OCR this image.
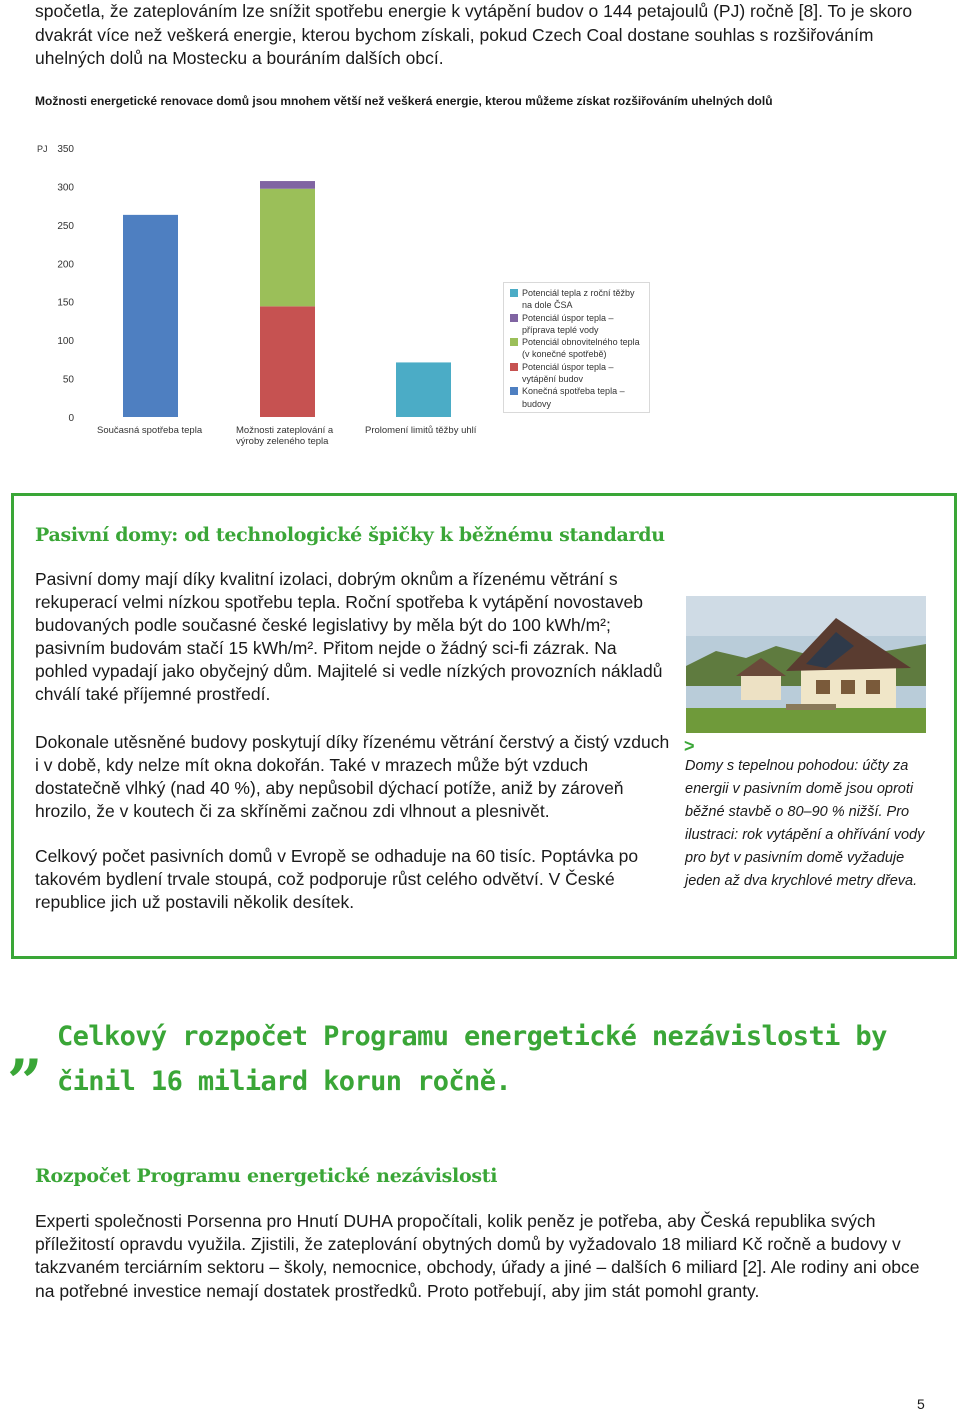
spočetla, že zateplováním lze snížit spotřebu energie k vytápění budov o 144 petajoulů (PJ) ročně [8]. To je skoro dvakrát více než veškerá energie, kterou bychom získali, pokud Czech Coal dostane souhlas s rozšiřováním uhelných dolů na Mostecku a bouráním dalších obcí.

Možnosti energetické renovace domů jsou mnohem větší než veškerá energie, kterou můžeme získat rozšiřováním uhelných dolů
PJ 350
300
250
200
150
100
50
0
Současná spotřeba tepla	Možnosti zateplování a výroby zeleného tepla
Prolomení limitů těžby uhlí
Potenciál tepla z roční těžby na dole ČSA
Potenciál úspor tepla – příprava teplé vody
Potenciál obnovitelného tepla (v konečné spotřebě)
Potenciál úspor tepla – vytápění budov
Konečná spotřeba tepla – budovy
Pasivní domy: od technologické špičky k běžnému standardu

Pasivní domy mají díky kvalitní izolaci, dobrým oknům a řízenému větrání s rekuperací velmi nízkou spotřebu tepla. Roční spotřeba k vytápění novostaveb budovaných podle současné české legislativy by měla být do 100 kWh/m²; pasivním budovám stačí 15 kWh/m². Přitom nejde o žádný sci-fi zázrak. Na pohled vypadají jako obyčejný dům. Majitelé si vedle nízkých provozních nákladů chválí také příjemné prostředí.

Dokonale utěsněné budovy poskytují díky řízenému větrání čerstvý a čistý vzduch i v době, kdy nelze mít okna dokořán. Také v mrazech může být vzduch dostatečně vlhký (nad 40 %), aby nepůsobil dýchací potíže, aniž by zároveň hrozilo, že v koutech či za skříněmi začnou zdi vlhnout a plesnivět.

Celkový počet pasivních domů v Evropě se odhaduje na 60 tisíc. Poptávka po takovém bydlení trvale stoupá, což podporuje růst celého odvětví. V České republice jich už postavili několik desítek.

>
Domy s tepelnou pohodou: účty za energii v pasivním domě jsou oproti běžné stavbě o 80–90 % nižší. Pro ilustraci: rok vytápění a ohřívání vody pro byt v pasivním domě vyžaduje jeden až dva krychlové metry dřeva.
„ Celkový rozpočet Programu energetické nezávislosti by činil 16 miliard korun ročně.
Rozpočet Programu energetické nezávislosti
Experti společnosti Porsenna pro Hnutí DUHA propočítali, kolik peněz je potřeba, aby Česká republika svých příležitostí opravdu využila. Zjistili, že zateplování obytných domů by vyžadovalo 18 miliard Kč ročně a budovy v takzvaném terciárním sektoru – školy, nemocnice, obchody, úřady a jiné – dalších 6 miliard [2]. Ale rodiny ani obce na potřebné investice nemají dostatek prostředků. Proto potřebují, aby jim stát pomohl granty.
5
